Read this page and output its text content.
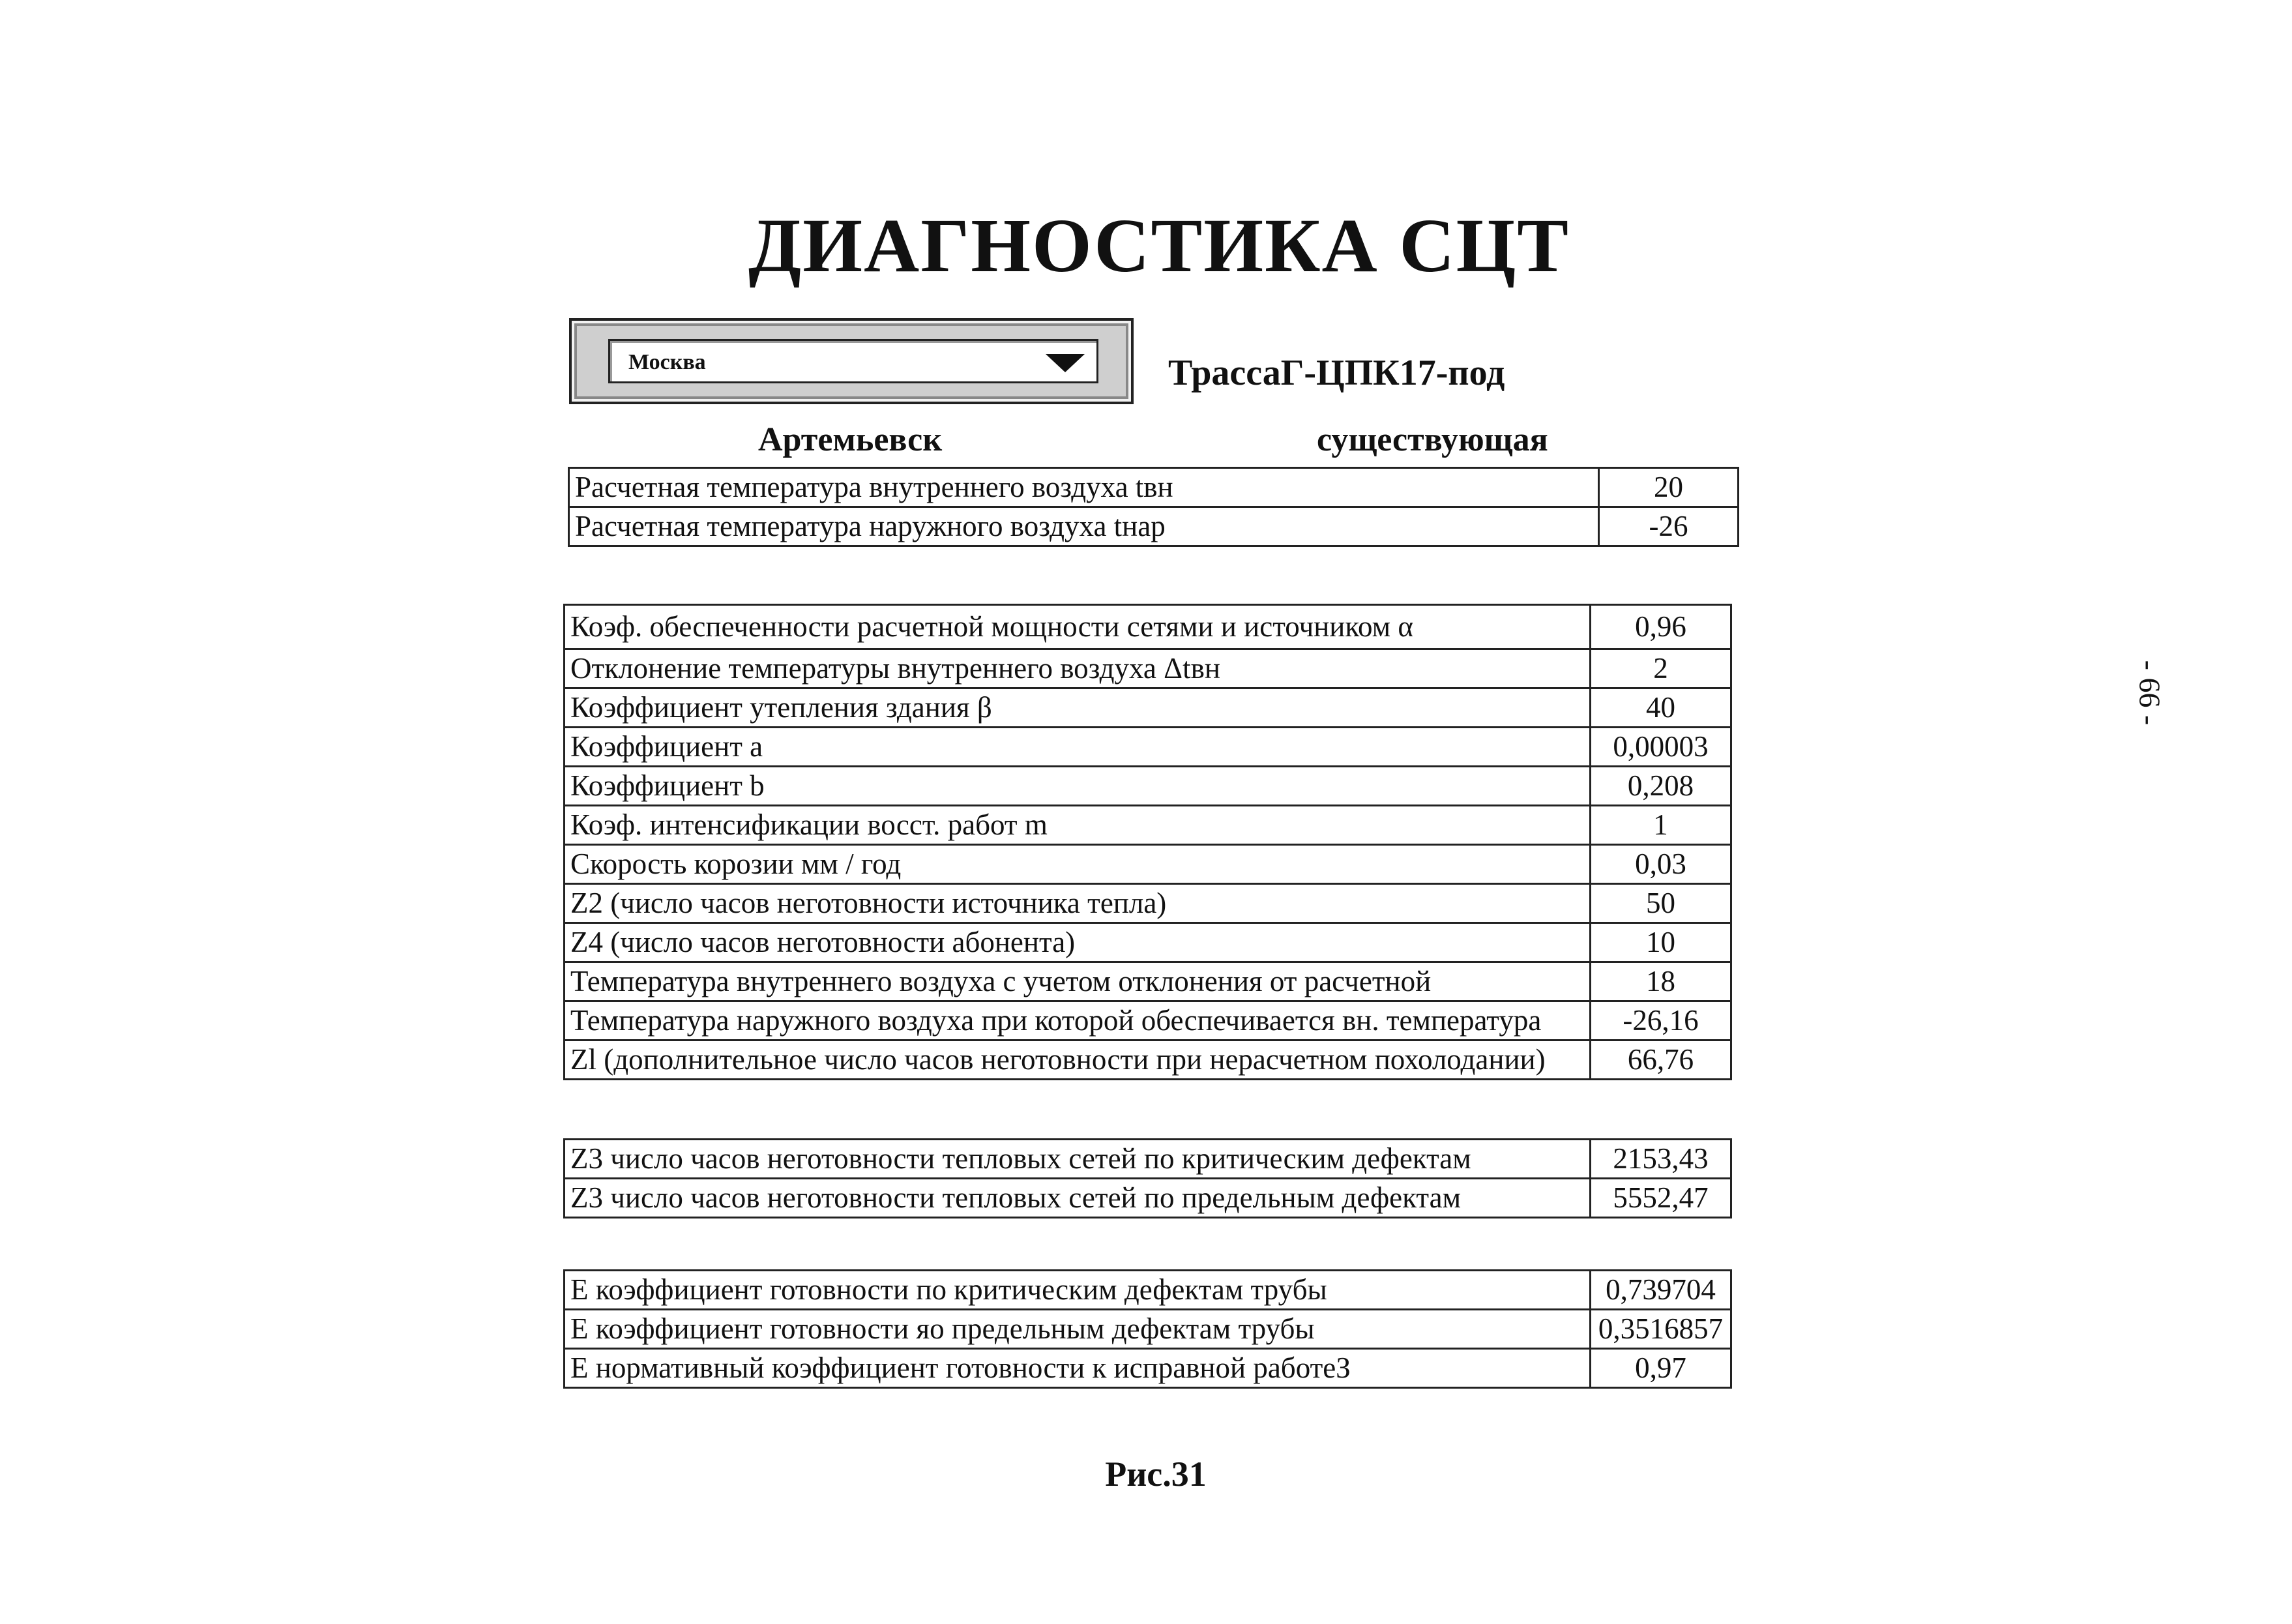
ДИАГНОСТИКА СЦТ
Москва	ТрассаГ-ЦПК17-под
Артемьевск	существующая
Расчетная температура внутреннего воздуха tвн	20
Расчетная температура наружного воздуха tнар	-26
Коэф. обеспеченности расчетной мощности сетями и источником α	0,96
Отклонение температуры внутреннего воздуха Δtвн	2
Коэффициент утепления здания β	40
Коэффициент a	0,00003
Коэффициент b	0,208
Коэф. интенсификации восст. работ m	1
Скорость корозии мм / год	0,03
Z2 (число часов неготовности источника тепла)	50
Z4 (число часов неготовности абонента)	10
Температура внутреннего воздуха с учетом отклонения от расчетной	18
Температура наружного воздуха при которой обеспечивается вн. температура	-26,16
Zl (дополнительное число часов неготовности при нерасчетном похолодании)	66,76
Z3 число часов неготовности тепловых сетей по критическим дефектам	2153,43
Z3 число часов неготовности тепловых сетей по предельным дефектам	5552,47
Е коэффициент готовности по критическим дефектам трубы	0,739704
Е коэффициент готовности яо предельным дефектам трубы	0,3516857
Е нормативный коэффициент готовности к исправной работеЗ	0,97
Рис.31
- 66 -
